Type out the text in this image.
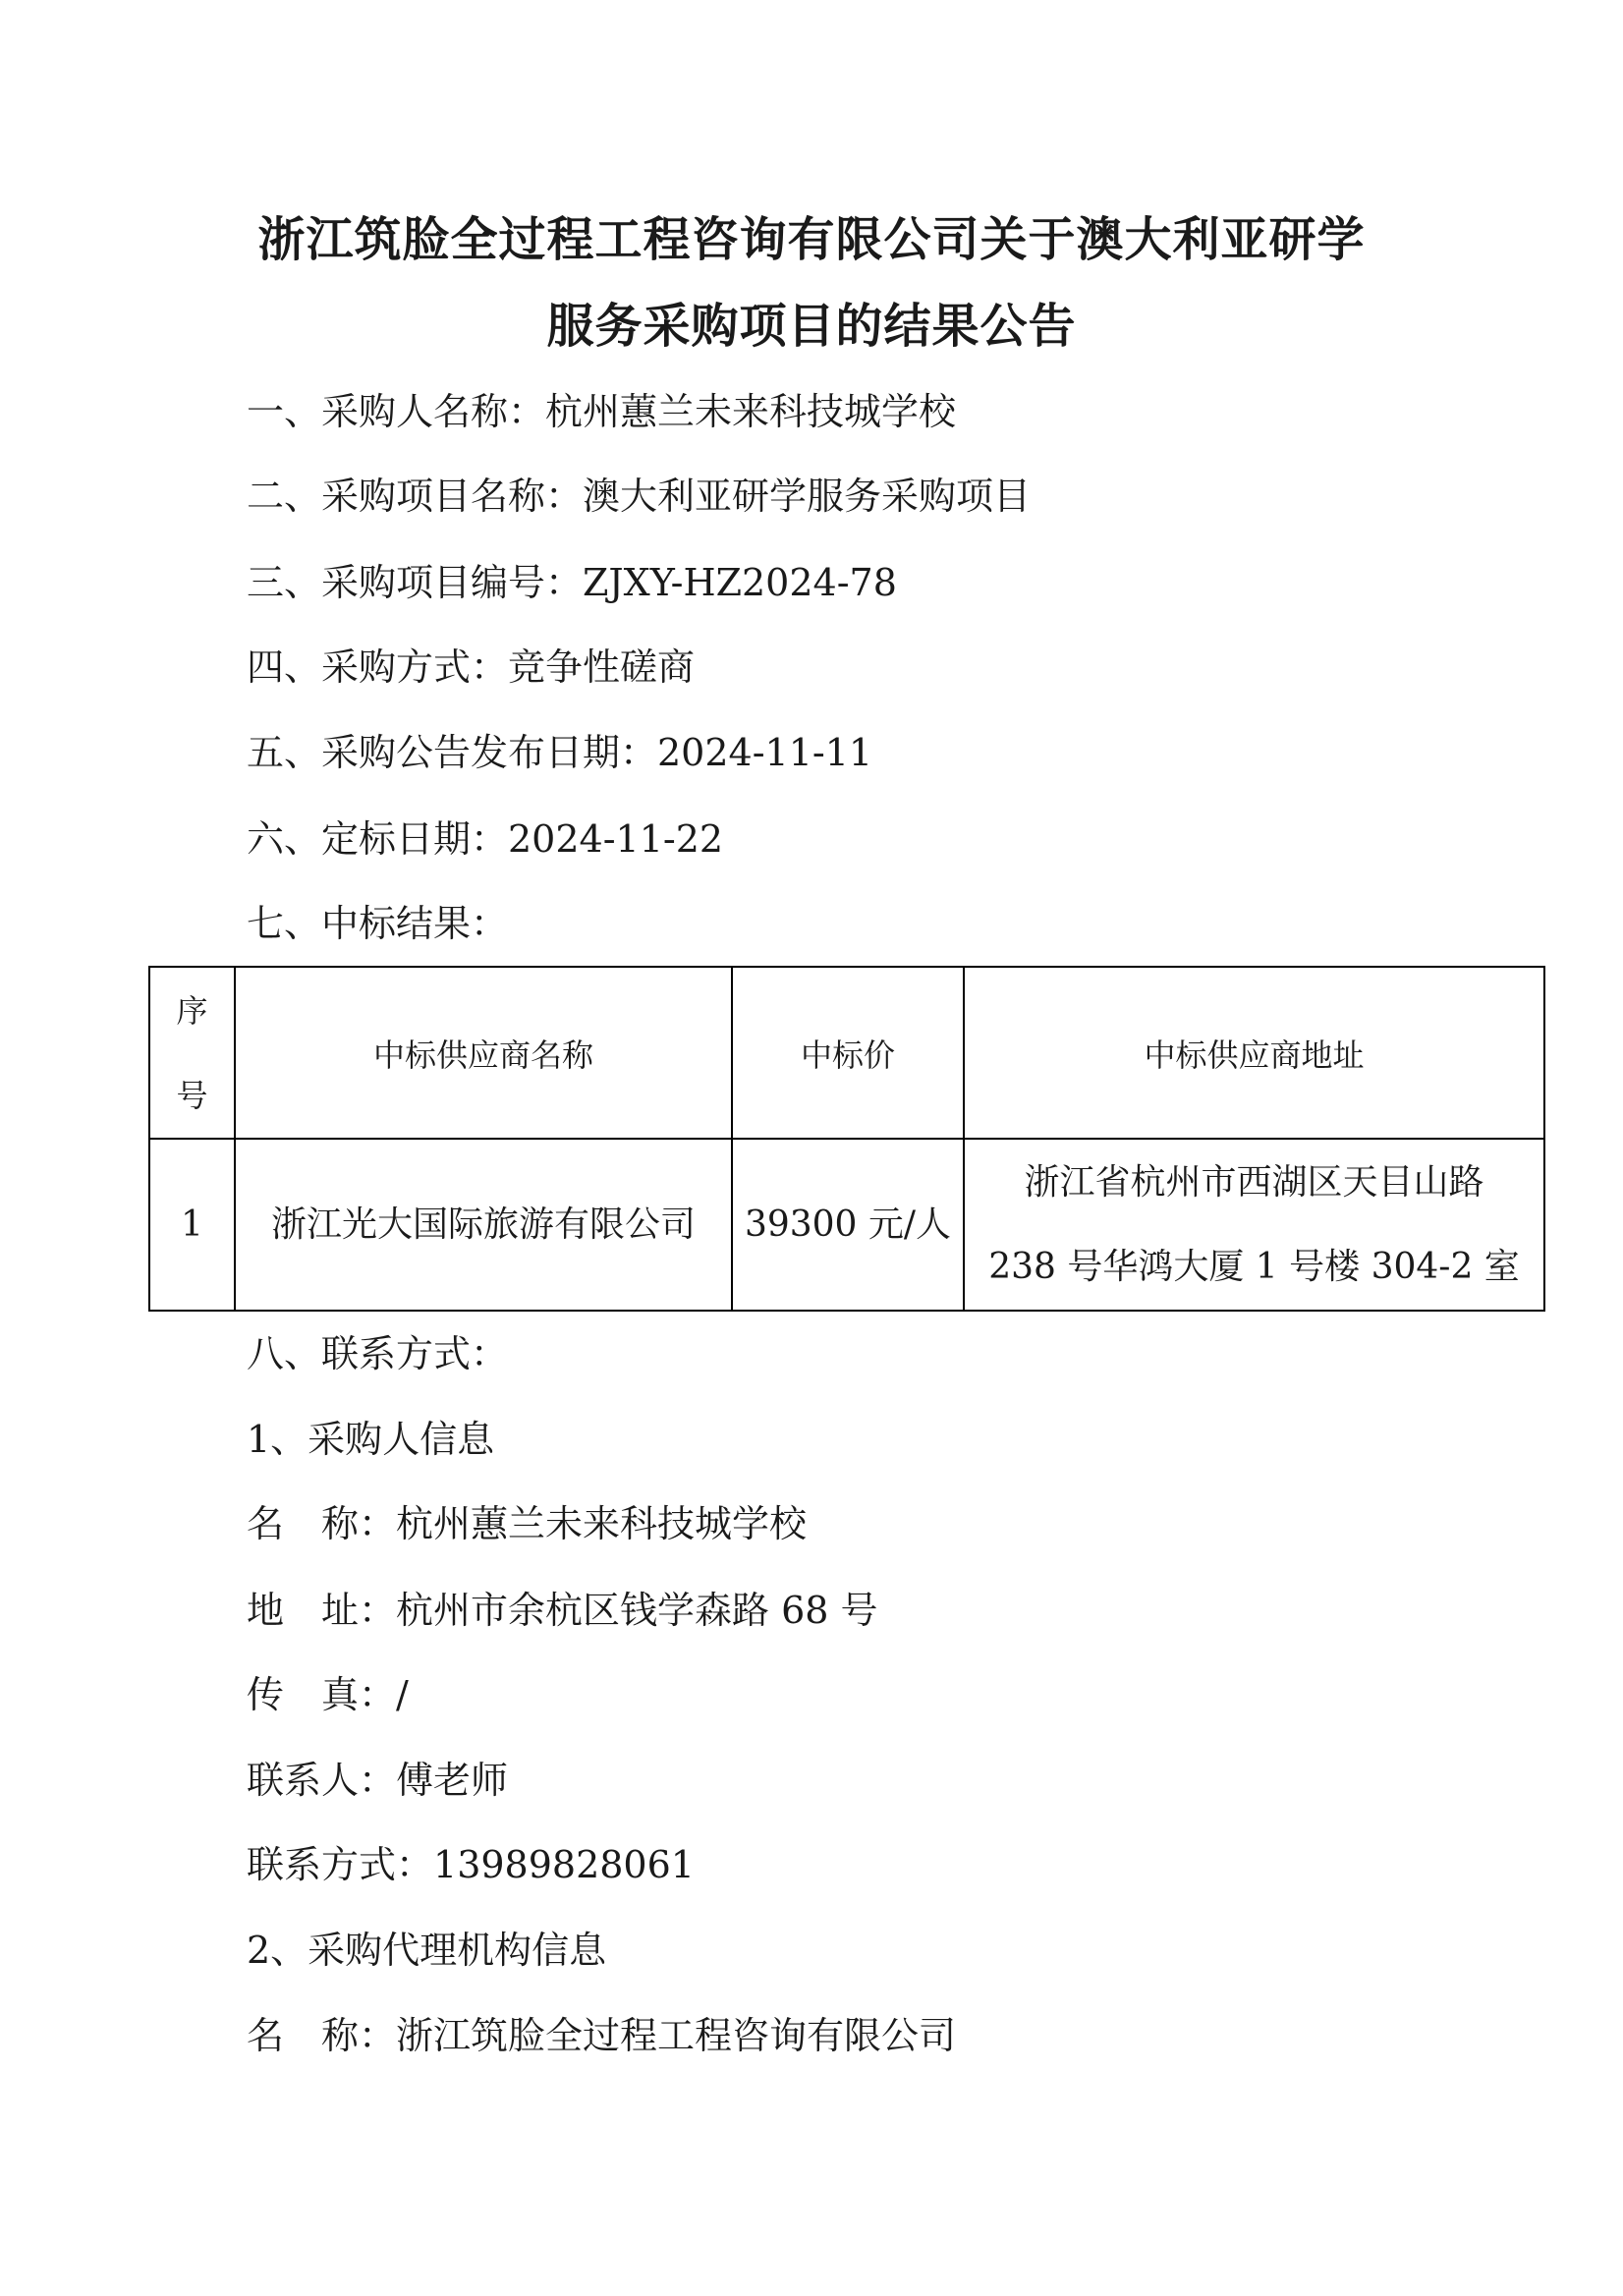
浙江筑脸全过程工程咨询有限公司关于澳大利亚研学
服务采购项目的结果公告
一、采购人名称：杭州蕙兰未来科技城学校
二、采购项目名称：澳大利亚研学服务采购项目
三、采购项目编号：ZJXY-HZ2024-78
四、采购方式：竞争性磋商
五、采购公告发布日期：2024-11-11
六、定标日期：2024-11-22
七、中标结果：
序
号	中标供应商名称	中标价	中标供应商地址
1	浙江光大国际旅游有限公司	39300 元/人	浙江省杭州市西湖区天目山路
238 号华鸿大厦 1 号楼 304-2 室
八、联系方式：
1、采购人信息
名 称：杭州蕙兰未来科技城学校
地 址：杭州市余杭区钱学森路 68 号
传 真：/
联系人：傅老师
联系方式：13989828061
2、采购代理机构信息
名 称：浙江筑脸全过程工程咨询有限公司
